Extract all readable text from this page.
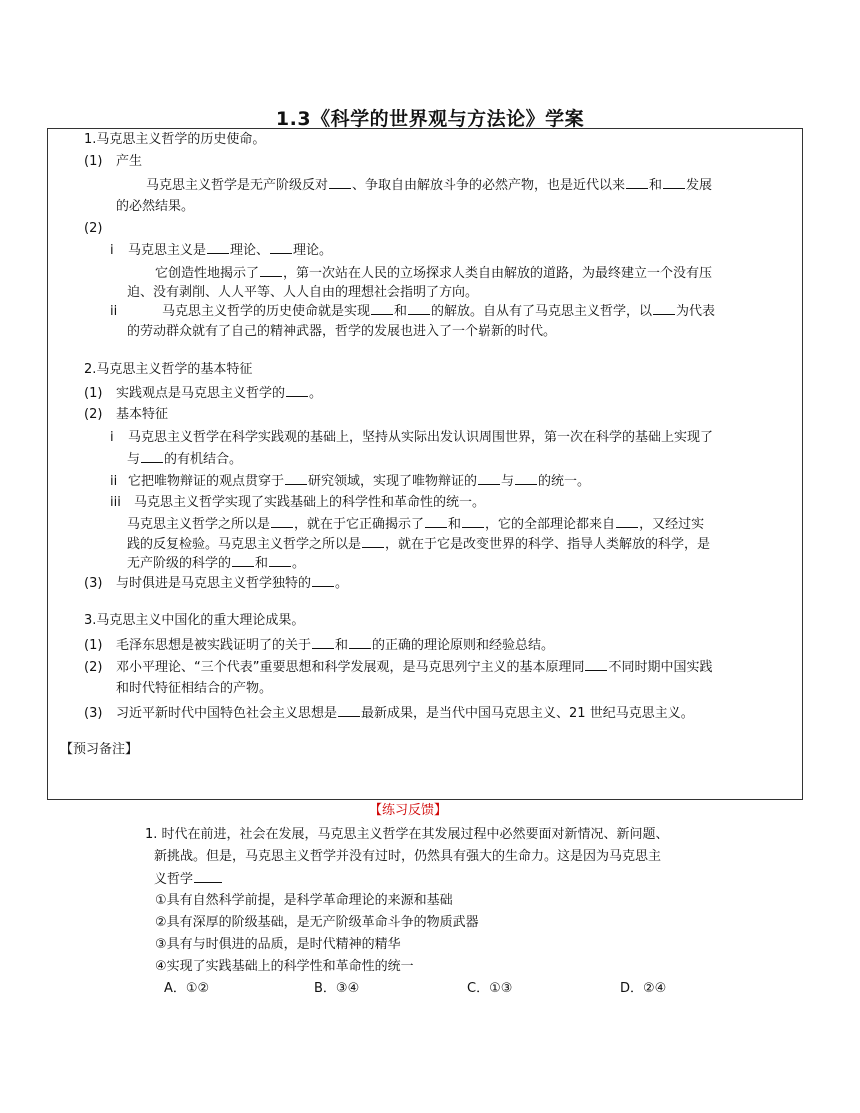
1.3《科学的世界观与方法论》学案
1.马克思主义哲学的历史使命。
(1) 产生
马克思主义哲学是无产阶级反对 、争取自由解放斗争的必然产物，也是近代以来 和 发展
的必然结果。
(2)
i 马克思主义是 理论、 理论。
它创造性地揭示了 ，第一次站在人民的立场探求人类自由解放的道路，为最终建立一个没有压
迫、没有剥削、人人平等、人人自由的理想社会指明了方向。
ii	马克思主义哲学的历史使命就是实现 和 的解放。自从有了马克思主义哲学，以 为代表
的劳动群众就有了自己的精神武器，哲学的发展也进入了一个崭新的时代。
2.马克思主义哲学的基本特征
(1) 实践观点是马克思主义哲学的 。
(2) 基本特征
i 马克思主义哲学在科学实践观的基础上，坚持从实际出发认识周围世界，第一次在科学的基础上实现了
与 的有机结合。
ii 它把唯物辩证的观点贯穿于 研究领域，实现了唯物辩证的 与 的统一。
iii 马克思主义哲学实现了实践基础上的科学性和革命性的统一。
马克思主义哲学之所以是 ，就在于它正确揭示了 和 ，它的全部理论都来自 ，又经过实
践的反复检验。马克思主义哲学之所以是 ，就在于它是改变世界的科学、指导人类解放的科学，是
无产阶级的科学的 和 。
(3) 与时俱进是马克思主义哲学独特的 。
3.马克思主义中国化的重大理论成果。
(1) 毛泽东思想是被实践证明了的关于 和 的正确的理论原则和经验总结。
(2) 邓小平理论、“三个代表”重要思想和科学发展观，是马克思列宁主义的基本原理同 不同时期中国实践
和时代特征相结合的产物。
(3) 习近平新时代中国特色社会主义思想是 最新成果，是当代中国马克思主义、21 世纪马克思主义。
【预习备注】
【练习反馈】
1. 时代在前进，社会在发展，马克思主义哲学在其发展过程中必然要面对新情况、新问题、
新挑战。但是，马克思主义哲学并没有过时，仍然具有强大的生命力。这是因为马克思主
义哲学
①具有自然科学前提，是科学革命理论的来源和基础
②具有深厚的阶级基础，是无产阶级革命斗争的物质武器
③具有与时俱进的品质，是时代精神的精华
④实现了实践基础上的科学性和革命性的统一
A．①②	B．③④	C．①③	D．②④
